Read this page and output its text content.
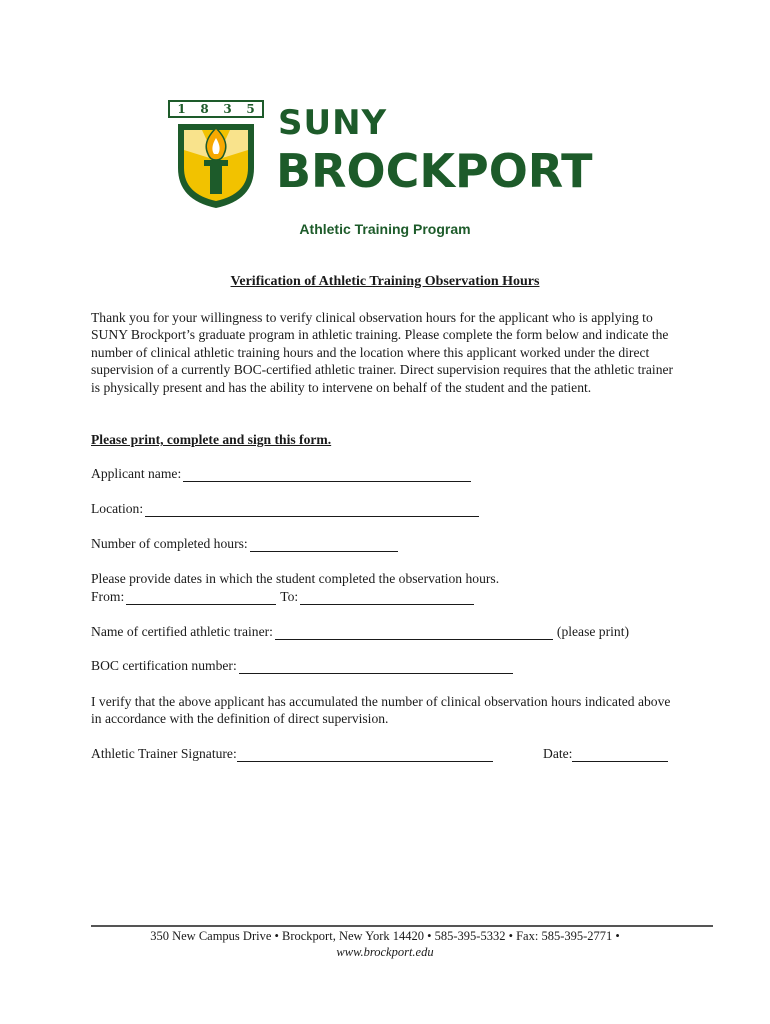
1 8 3 5 SUNY
BROCKPORT
Athletic Training Program
Verification of Athletic Training Observation Hours

Thank you for your willingness to verify clinical observation hours for the applicant who is applying to SUNY Brockport’s graduate program in athletic training. Please complete the form below and indicate the number of clinical athletic training hours and the location where this applicant worked under the direct supervision of a currently BOC-certified athletic trainer. Direct supervision requires that the athletic trainer is physically present and has the ability to intervene on behalf of the student and the patient.

Please print, complete and sign this form.
Applicant name:
Location:
Number of completed hours:
Please provide dates in which the student completed the observation hours.
From:	To:
Name of certified athletic trainer:	(please print)
BOC certification number:

I verify that the above applicant has accumulated the number of clinical observation hours indicated above in accordance with the definition of direct supervision.

Athletic Trainer Signature:	Date:
350 New Campus Drive • Brockport, New York 14420 • 585-395-5332 • Fax: 585-395-2771 •
www.brockport.edu
